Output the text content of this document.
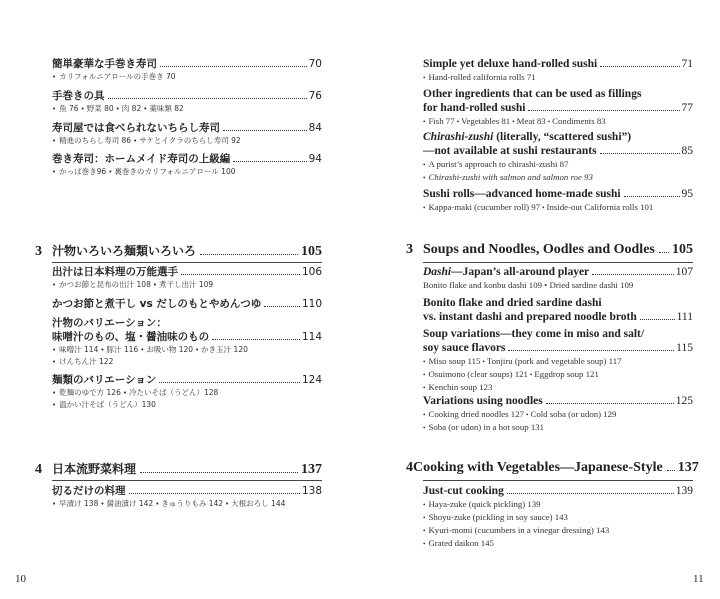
簡単豪華な手巻き寿司	70
• カリフォルニアロールの手巻き 70
手巻きの具	76
• 魚 76 • 野菜 80 • 肉 82 • 薬味類 82
寿司屋では食べられないちらし寿司	84
• 精進のちらし寿司 86 • サケとイクラのちらし寿司 92
巻き寿司：ホームメイド寿司の上級編	94
• かっぱ巻き96 • 裏巻きのカリフォルニアロール 100
3 汁物いろいろ麺類いろいろ	105
出汁は日本料理の万能選手	106
• かつお節と昆布の出汁 108 • 煮干し出汁 109
かつお節と煮干し vs だしのもとやめんつゆ	110
汁物のバリエーション：
味噌汁のもの、塩・醤油味のもの	114
• 味噌汁 114 • 豚汁 116 • お吸い物 120 • かき玉汁 120
• けんちん汁 122
麺類のバリエーション	124
• 乾麺のゆで方 126 • 冷たいそば（うどん）128
• 温かい汁そば（うどん）130
4 日本流野菜料理	137
切るだけの料理	138
• 早漬け 138 • 醤油漬け 142 • きゅうりもみ 142 • 大根おろし 144
10
Simple yet deluxe hand-rolled sushi	71
• Hand-rolled california rolls 71
Other ingredients that can be used as fillings
for hand-rolled sushi	77
• Fish 77 • Vegetables 81 • Meat 83 • Condiments 83
Chirashi-zushi (literally, “scattered sushi”)
—not available at sushi restaurants	85
• A purist’s approach to chirashi-zushi 87
• Chirashi-zushi with salmon and salmon roe 93
Sushi rolls—advanced home-made sushi	95
• Kappa-maki (cucumber roll) 97 • Inside-out California rolls 101
3 Soups and Noodles, Oodles and Oodles 105
Dashi —Japan’s all-around player	107
Bonito flake and konbu dashi 109 • Dried sardine dashi 109
Bonito flake and dried sardine dashi
vs. instant dashi and prepared noodle broth	111
Soup variations—they come in miso and salt/
soy sauce flavors	115
• Miso soup 115 • Tonjiru (pork and vegetable soup) 117
• Osuimono (clear soups) 121 • Eggdrop soup 121
• Kenchin soup 123
Variations using noodles	125
• Cooking dried noodles 127 • Cold soba (or udon) 129
• Soba (or udon) in a hot soup 131
4 Cooking with Vegetables—Japanese-Style 137
Just-cut cooking	139
• Haya-zuke (quick pickling) 139
• Shoyu-zuke (pickling in soy sauce) 143
• Kyuri-momi (cucumbers in a vinegar dressing) 143
• Grated daikon 145
11
